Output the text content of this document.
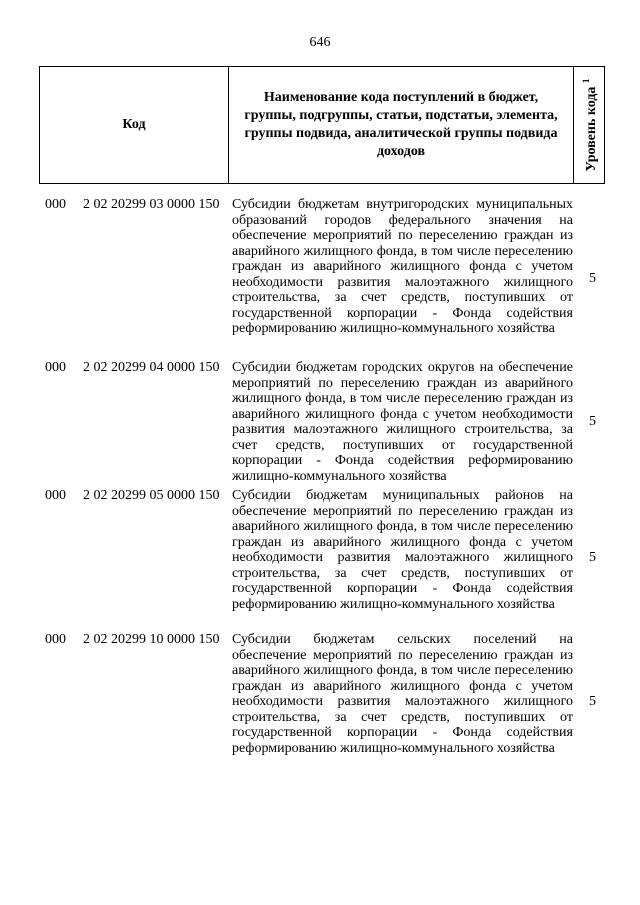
646
Код
Наименование кода поступлений в бюджет, группы, подгруппы, статьи, подстатьи, элемента, группы подвида, аналитической группы подвида доходов	Уровень кода $^1$
000 2 02 20299 03 0000 150 Субсидии бюджетам внутригородских муниципальных образований городов федерального значения на обеспечение мероприятий по переселению граждан из аварийного жилищного фонда, в том числе переселению граждан из аварийного жилищного фонда с учетом необходимости развития малоэтажного жилищного строительства, за счет средств, поступивших от государственной корпорации - Фонда содействия реформированию жилищно-коммунального хозяйства
5
000 2 02 20299 04 0000 150 Субсидии бюджетам городских округов на обеспечение мероприятий по переселению граждан из аварийного жилищного фонда, в том числе переселению граждан из аварийного жилищного фонда с учетом необходимости развития малоэтажного жилищного строительства, за счет средств, поступивших от государственной корпорации - Фонда содействия реформированию жилищно-коммунального хозяйства
5
000 2 02 20299 05 0000 150 Субсидии бюджетам муниципальных районов на обеспечение мероприятий по переселению граждан из аварийного жилищного фонда, в том числе переселению граждан из аварийного жилищного фонда с учетом необходимости развития малоэтажного жилищного строительства, за счет средств, поступивших от государственной корпорации - Фонда содействия реформированию жилищно-коммунального хозяйства
5
000 2 02 20299 10 0000 150 Субсидии бюджетам сельских поселений на обеспечение мероприятий по переселению граждан из аварийного жилищного фонда, в том числе переселению граждан из аварийного жилищного фонда с учетом необходимости развития малоэтажного жилищного строительства, за счет средств, поступивших от государственной корпорации - Фонда содействия реформированию жилищно-коммунального хозяйства
5
